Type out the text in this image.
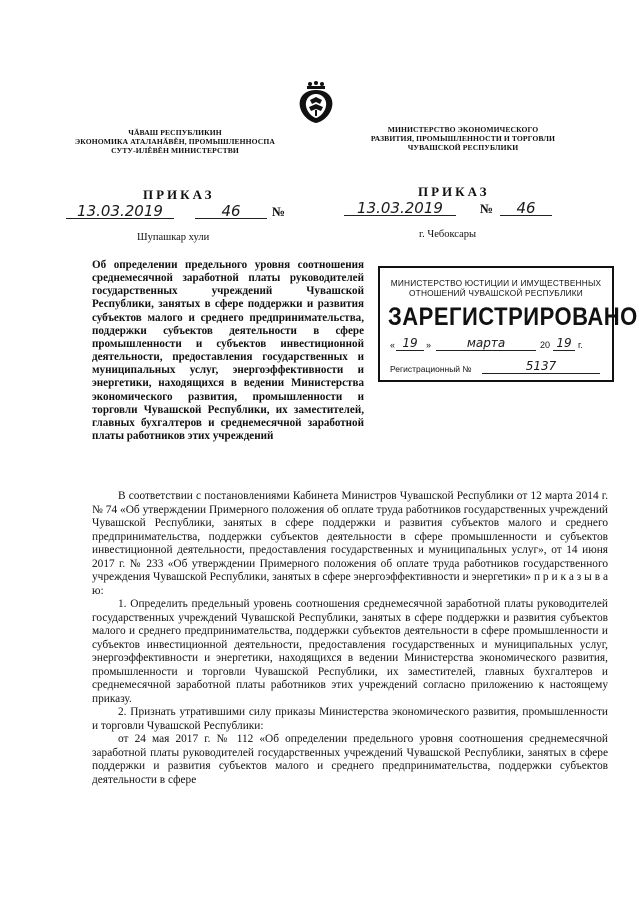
ЧĂВАШ РЕСПУБЛИКИН
ЭКОНОМИКА АТАЛАНĂВĔН, ПРОМЫШЛЕННОСПА
СУТУ-ИЛĔВĔН МИНИСТЕРСТВИ
МИНИСТЕРСТВО ЭКОНОМИЧЕСКОГО
РАЗВИТИЯ, ПРОМЫШЛЕННОСТИ И ТОРГОВЛИ
ЧУВАШСКОЙ РЕСПУБЛИКИ
ПРИКАЗ
13.03.2019	46	№
Шупашкар хули
ПРИКАЗ
13.03.2019	№	46
г. Чебоксары

Об определении предельного уровня соотношения среднемесячной заработной платы руководителей государственных учреждений Чувашской Республики, занятых в сфере поддержки и развития субъектов малого и среднего предпринимательства, поддержки субъектов деятельности в сфере промышленности и субъектов инвестиционной деятельности, предоставления государственных и муниципальных услуг, энергоэффективности и энергетики, находящихся в ведении Министерства экономического развития, промышленности и торговли Чувашской Республики, их заместителей, главных бухгалтеров и среднемесячной заработной платы работников этих учреждений

МИНИСТЕРСТВО ЮСТИЦИИ И ИМУЩЕСТВЕННЫХ
ОТНОШЕНИЙ ЧУВАШСКОЙ РЕСПУБЛИКИ
ЗАРЕГИСТРИРОВАНО
« 19 »	марта	20 19 г.
Регистрационный №	5137

В соответствии с постановлениями Кабинета Министров Чувашской Республики от 12 марта 2014 г. № 74 «Об утверждении Примерного положения об оплате труда работников государственных учреждений Чувашской Республики, занятых в сфере поддержки и развития субъектов малого и среднего предпринимательства, поддержки субъектов деятельности в сфере промышленности и субъектов инвестиционной деятельности, предоставления государственных и муниципальных услуг», от 14 июня 2017 г. № 233 «Об утверждении Примерного положения об оплате труда работников государственного учреждения Чувашской Республики, занятых в сфере энергоэффективности и энергетики» п р и к а з ы в а ю:

1. Определить предельный уровень соотношения среднемесячной заработной платы руководителей государственных учреждений Чувашской Республики, занятых в сфере поддержки и развития субъектов малого и среднего предпринимательства, поддержки субъектов деятельности в сфере промышленности и субъектов инвестиционной деятельности, предоставления государственных и муниципальных услуг, энергоэффективности и энергетики, находящихся в ведении Министерства экономического развития, промышленности и торговли Чувашской Республики, их заместителей, главных бухгалтеров и среднемесячной заработной платы работников этих учреждений согласно приложению к настоящему приказу.

2. Признать утратившими силу приказы Министерства экономического развития, промышленности и торговли Чувашской Республики:

от 24 мая 2017 г. № 112 «Об определении предельного уровня соотношения среднемесячной заработной платы руководителей государственных учреждений Чувашской Республики, занятых в сфере поддержки и развития субъектов малого и среднего предпринимательства, поддержки субъектов деятельности в сфере
